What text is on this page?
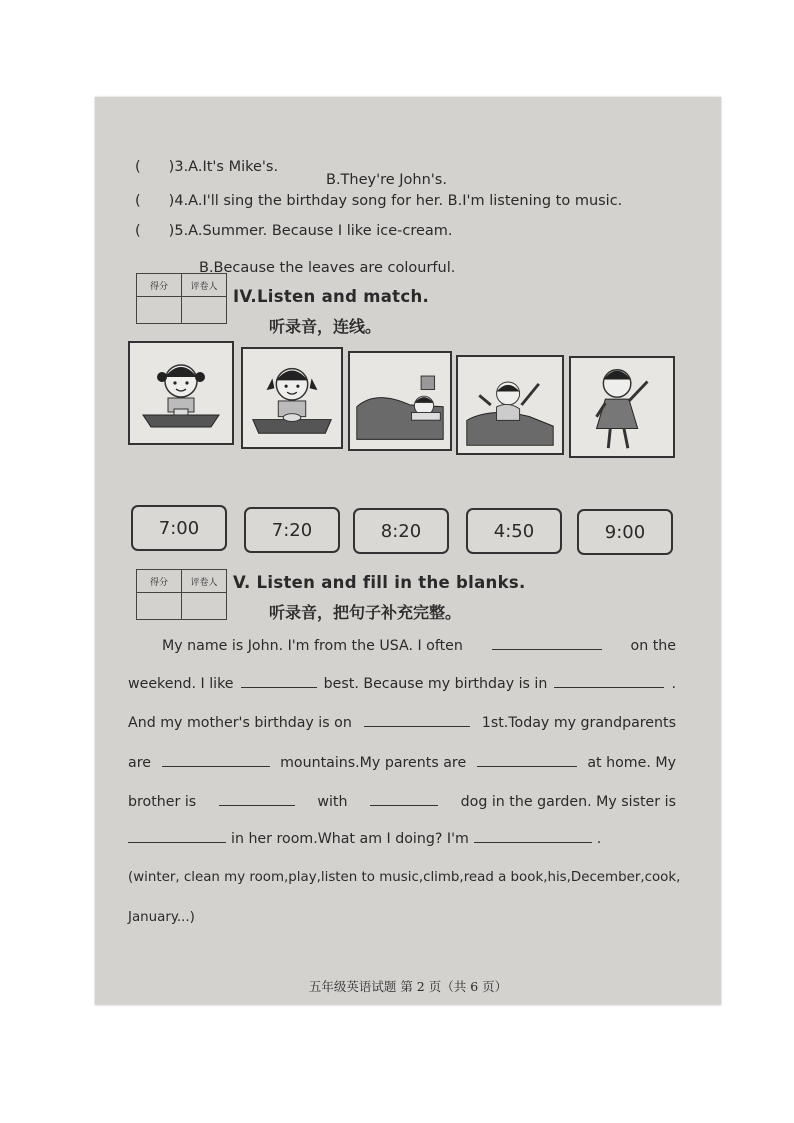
( )3.A.It's Mike's.
B.They're John's.
( )4.A.I'll sing the birthday song for her. B.I'm listening to music.
( )5.A.Summer. Because I like ice-cream.
B.Because the leaves are colourful.
得分	评卷人

IV.Listen and match.
听录音，连线。
7:00	7:20	8:20	4:50	9:00
得分	评卷人
	V. Listen and fill in the blanks.
听录音，把句子补充完整。
My name is John. I'm from the USA. I often	on the
weekend. I like	best. Because my birthday is in	.
And my mother's birthday is on	1st.Today my grandparents
are	mountains.My parents are	at home. My
brother is	with	dog in the garden. My sister is
in her room.What am I doing? I'm	.
(winter, clean my room,play,listen to music,climb,read a book,his,December,cook,
January...)
五年级英语试题 第 2 页（共 6 页）
